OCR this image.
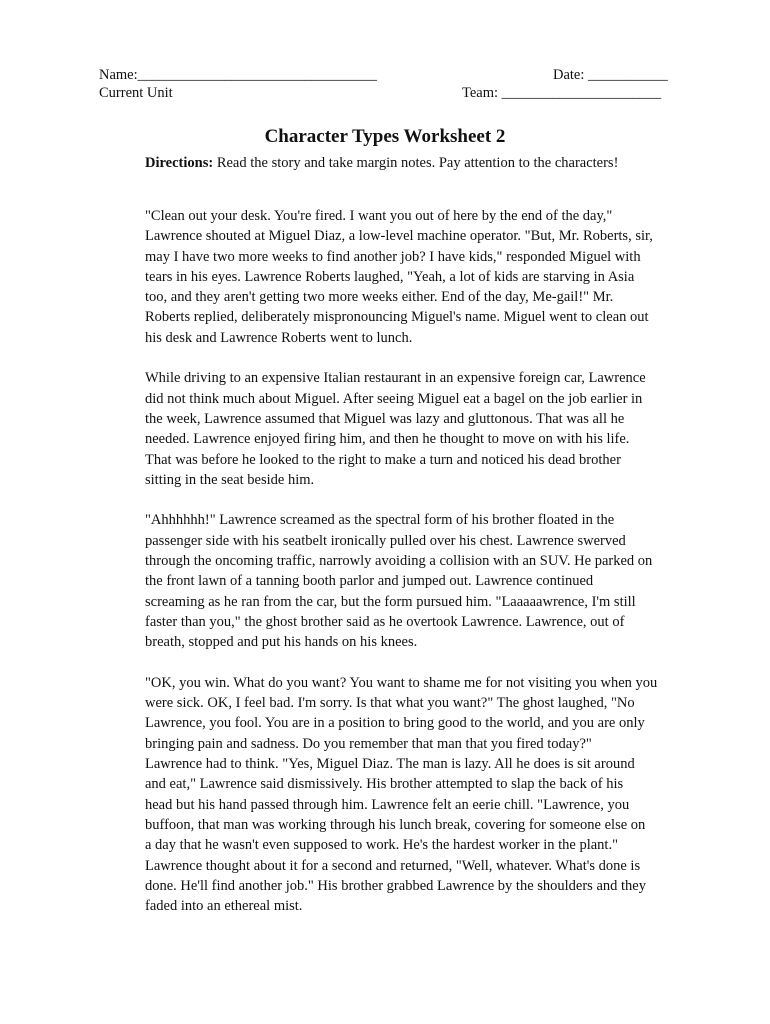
Name:_________________________________	Date: ___________
Current Unit	Team: ______________________
Character Types Worksheet 2
Directions: Read the story and take margin notes. Pay attention to the characters!

"Clean out your desk. You're fired. I want you out of here by the end of the day,"
Lawrence shouted at Miguel Diaz, a low-level machine operator. "But, Mr. Roberts, sir,
may I have two more weeks to find another job? I have kids," responded Miguel with
tears in his eyes. Lawrence Roberts laughed, "Yeah, a lot of kids are starving in Asia
too, and they aren't getting two more weeks either. End of the day, Me-gail!" Mr.
Roberts replied, deliberately mispronouncing Miguel's name. Miguel went to clean out
his desk and Lawrence Roberts went to lunch.

While driving to an expensive Italian restaurant in an expensive foreign car, Lawrence
did not think much about Miguel. After seeing Miguel eat a bagel on the job earlier in
the week, Lawrence assumed that Miguel was lazy and gluttonous. That was all he
needed. Lawrence enjoyed firing him, and then he thought to move on with his life.
That was before he looked to the right to make a turn and noticed his dead brother
sitting in the seat beside him.

"Ahhhhhh!" Lawrence screamed as the spectral form of his brother floated in the
passenger side with his seatbelt ironically pulled over his chest. Lawrence swerved
through the oncoming traffic, narrowly avoiding a collision with an SUV. He parked on
the front lawn of a tanning booth parlor and jumped out. Lawrence continued
screaming as he ran from the car, but the form pursued him. "Laaaaawrence, I'm still
faster than you," the ghost brother said as he overtook Lawrence. Lawrence, out of
breath, stopped and put his hands on his knees.

"OK, you win. What do you want? You want to shame me for not visiting you when you
were sick. OK, I feel bad. I'm sorry. Is that what you want?" The ghost laughed, "No
Lawrence, you fool. You are in a position to bring good to the world, and you are only
bringing pain and sadness. Do you remember that man that you fired today?"
Lawrence had to think. "Yes, Miguel Diaz. The man is lazy. All he does is sit around
and eat," Lawrence said dismissively. His brother attempted to slap the back of his
head but his hand passed through him. Lawrence felt an eerie chill. "Lawrence, you
buffoon, that man was working through his lunch break, covering for someone else on
a day that he wasn't even supposed to work. He's the hardest worker in the plant."
Lawrence thought about it for a second and returned, "Well, whatever. What's done is
done. He'll find another job." His brother grabbed Lawrence by the shoulders and they
faded into an ethereal mist.
